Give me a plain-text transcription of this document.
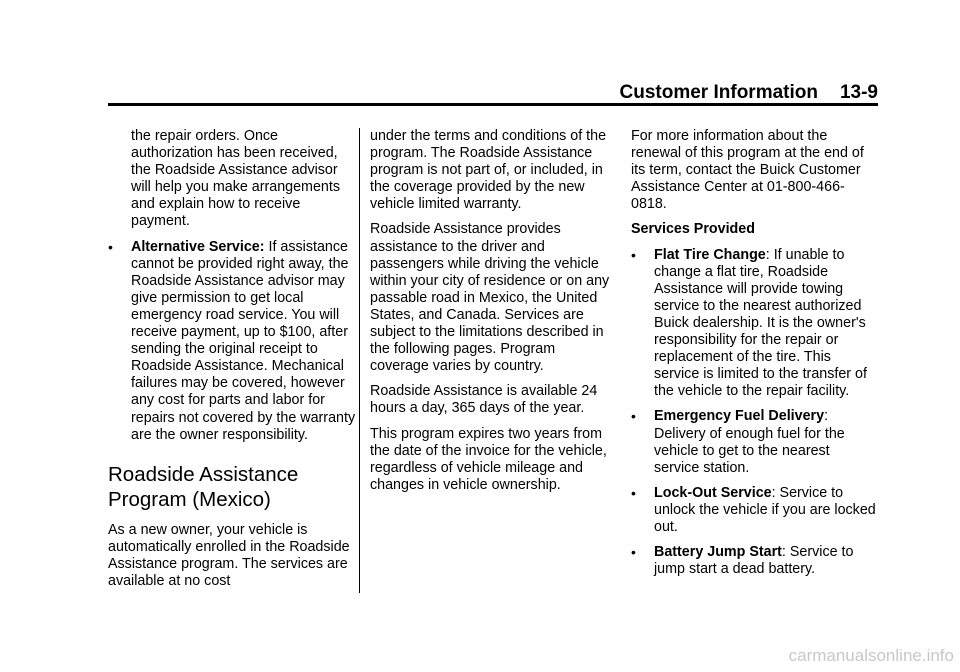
Customer Information 13-9

the repair orders. Once authorization has been received, the Roadside Assistance advisor will help you make arrangements and explain how to receive payment.

• Alternative Service: If assistance cannot be provided right away, the Roadside Assistance advisor may give permission to get local emergency road service. You will receive payment, up to $100, after sending the original receipt to Roadside Assistance. Mechanical failures may be covered, however any cost for parts and labor for repairs not covered by the warranty are the owner responsibility.
Roadside Assistance Program (Mexico)

As a new owner, your vehicle is automatically enrolled in the Roadside Assistance program. The services are available at no cost

under the terms and conditions of the program. The Roadside Assistance program is not part of, or included, in the coverage provided by the new vehicle limited warranty.

Roadside Assistance provides assistance to the driver and passengers while driving the vehicle within your city of residence or on any passable road in Mexico, the United States, and Canada. Services are subject to the limitations described in the following pages. Program coverage varies by country.

Roadside Assistance is available 24 hours a day, 365 days of the year.

This program expires two years from the date of the invoice for the vehicle, regardless of vehicle mileage and changes in vehicle ownership.

For more information about the renewal of this program at the end of its term, contact the Buick Customer Assistance Center at 01-800-466-0818.

Services Provided
• Flat Tire Change: If unable to change a flat tire, Roadside Assistance will provide towing service to the nearest authorized Buick dealership. It is the owner's responsibility for the repair or replacement of the tire. This service is limited to the transfer of the vehicle to the repair facility.
• Emergency Fuel Delivery: Delivery of enough fuel for the vehicle to get to the nearest service station.
• Lock-Out Service: Service to unlock the vehicle if you are locked out.
• Battery Jump Start: Service to jump start a dead battery.
carmanualsonline.info
